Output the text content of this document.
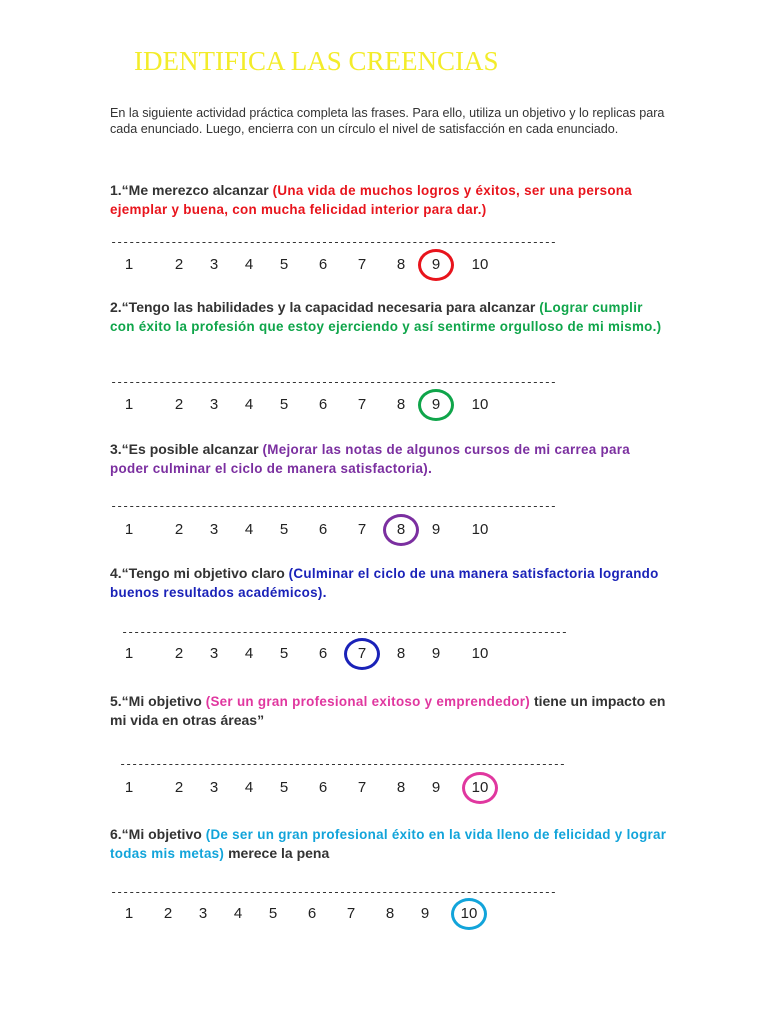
IDENTIFICA LAS CREENCIAS
En la siguiente actividad práctica completa las frases. Para ello, utiliza un objetivo y lo replicas para cada enunciado. Luego, encierra con un círculo el nivel de satisfacción en cada enunciado.
1.“Me merezco alcanzar (Una vida de muchos logros y éxitos, ser una persona ejemplar y buena, con mucha felicidad interior para dar.)
--------------------------------------------------------------------------
1	2	3	4	5	6	7	8	9	10
2.“Tengo las habilidades y la capacidad necesaria para alcanzar (Lograr cumplir con éxito la profesión que estoy ejerciendo y así sentirme orgulloso de mi mismo.)
--------------------------------------------------------------------------
1	2	3	4	5	6	7	8	9	10
3.“Es posible alcanzar (Mejorar las notas de algunos cursos de mi carrea para poder culminar el ciclo de manera satisfactoria).
--------------------------------------------------------------------------
1	2	3	4	5	6	7	8	9	10
4.“Tengo mi objetivo claro (Culminar el ciclo de una manera satisfactoria logrando buenos resultados académicos).
--------------------------------------------------------------------------
1	2	3	4	5	6	7	8	9	10
5.“Mi objetivo (Ser un gran profesional exitoso y emprendedor) tiene un impacto en mi vida en otras áreas”
--------------------------------------------------------------------------
1	2	3	4	5	6	7	8	9	10
6.“Mi objetivo (De ser un gran profesional éxito en la vida lleno de felicidad y lograr todas mis metas) merece la pena
--------------------------------------------------------------------------
1	2	3	4	5	6	7	8	9	10
